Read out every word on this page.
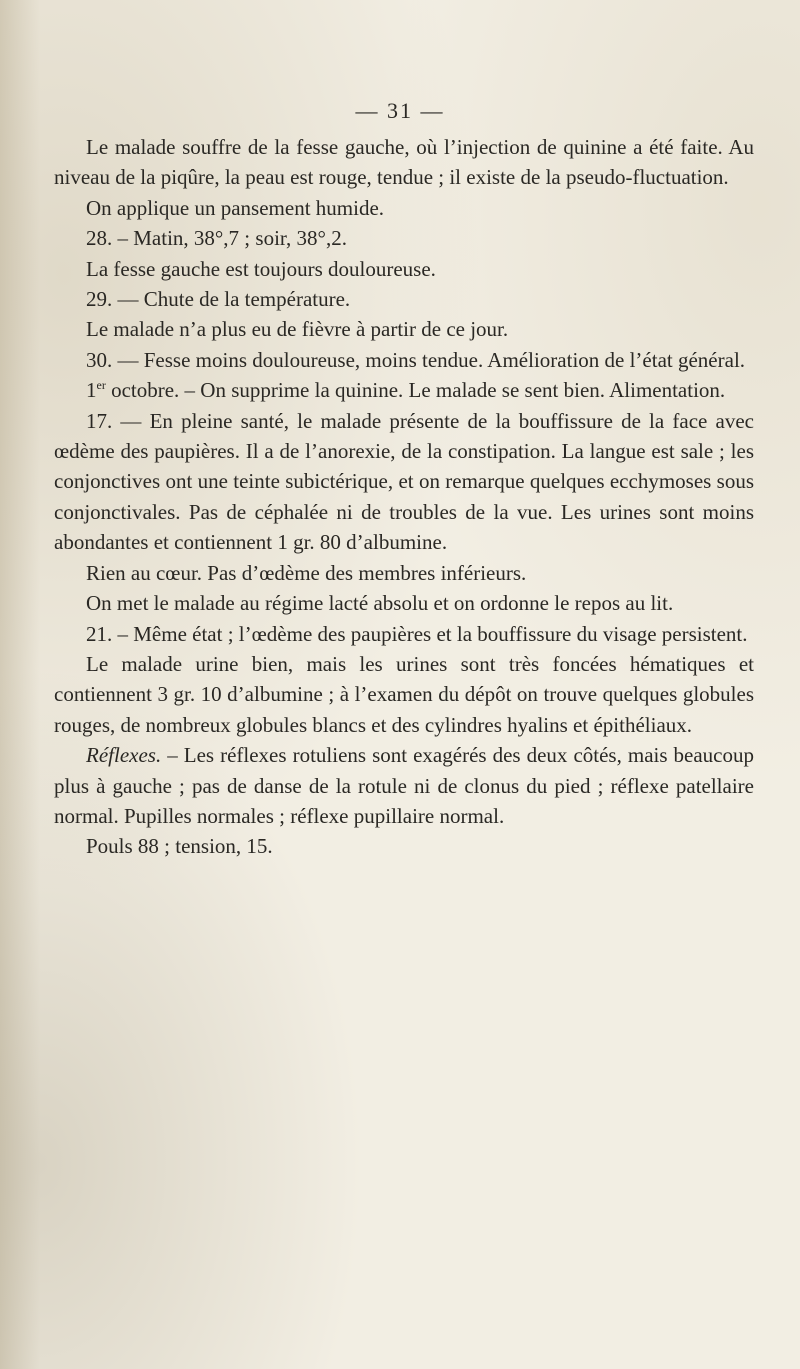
— 31 —

Le malade souffre de la fesse gauche, où l’injection de quinine a été faite. Au niveau de la piqûre, la peau est rouge, tendue ; il existe de la pseudo-fluctuation.

On applique un pansement humide.

28. – Matin, 38°,7 ; soir, 38°,2.

La fesse gauche est toujours douloureuse.

29. — Chute de la température.

Le malade n’a plus eu de fièvre à partir de ce jour.

30. — Fesse moins douloureuse, moins tendue. Amélioration de l’état général.

1er octobre. – On supprime la quinine. Le malade se sent bien. Alimentation.

17. — En pleine santé, le malade présente de la bouffissure de la face avec œdème des paupières. Il a de l’anorexie, de la constipation. La langue est sale ; les conjonctives ont une teinte subictérique, et on remarque quelques ecchymoses sous conjonctivales. Pas de céphalée ni de troubles de la vue. Les urines sont moins abondantes et contiennent 1 gr. 80 d’albumine.

Rien au cœur. Pas d’œdème des membres inférieurs.

On met le malade au régime lacté absolu et on ordonne le repos au lit.

21. – Même état ; l’œdème des paupières et la bouffissure du visage persistent.

Le malade urine bien, mais les urines sont très foncées hématiques et contiennent 3 gr. 10 d’albumine ; à l’examen du dépôt on trouve quelques globules rouges, de nombreux globules blancs et des cylindres hyalins et épithéliaux.

Réflexes. – Les réflexes rotuliens sont exagérés des deux côtés, mais beaucoup plus à gauche ; pas de danse de la rotule ni de clonus du pied ; réflexe patellaire normal. Pupilles normales ; réflexe pupillaire normal.

Pouls 88 ; tension, 15.
